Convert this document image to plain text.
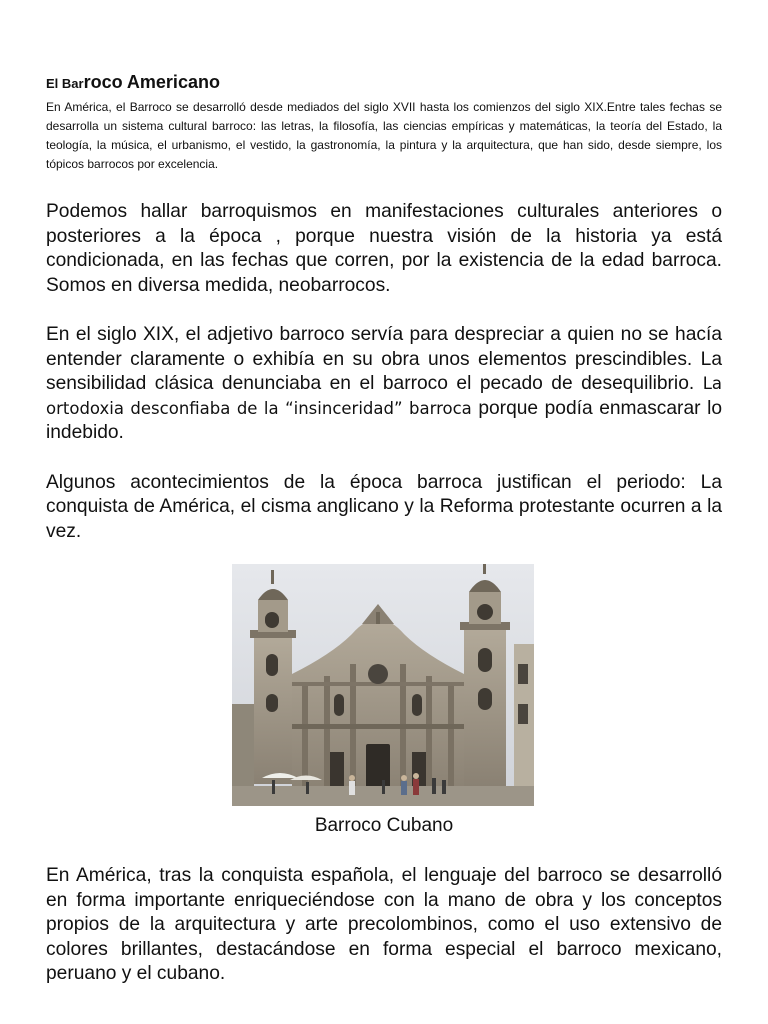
El Barroco Americano

En América, el Barroco se desarrolló desde mediados del siglo XVII hasta los comienzos del siglo XIX.Entre tales fechas se desarrolla un sistema cultural barroco: las letras, la filosofía, las ciencias empíricas y matemáticas, la teoría del Estado, la teología, la música, el urbanismo, el vestido, la gastronomía, la pintura y la arquitectura, que han sido, desde siempre, los tópicos barrocos por excelencia.

Podemos hallar barroquismos en manifestaciones culturales anteriores o posteriores a la época , porque nuestra visión de la historia ya está condicionada, en las fechas que corren, por la existencia de la edad barroca. Somos en diversa medida, neobarrocos.

En el siglo XIX, el adjetivo barroco servía para despreciar a quien no se hacía entender claramente o exhibía en su obra unos elementos prescindibles. La sensibilidad clásica denunciaba en el barroco el pecado de desequilibrio. La ortodoxia desconfiaba de la “insinceridad” barroca porque podía enmascarar lo indebido.

Algunos acontecimientos de la época barroca justifican el periodo: La conquista de América, el cisma anglicano y la Reforma protestante ocurren a la vez.

Barroco Cubano

En América, tras la conquista española, el lenguaje del barroco se desarrolló en forma importante enriqueciéndose con la mano de obra y los conceptos propios de la arquitectura y arte precolombinos, como el uso extensivo de colores brillantes, destacándose en forma especial el barroco mexicano, peruano y el cubano.
